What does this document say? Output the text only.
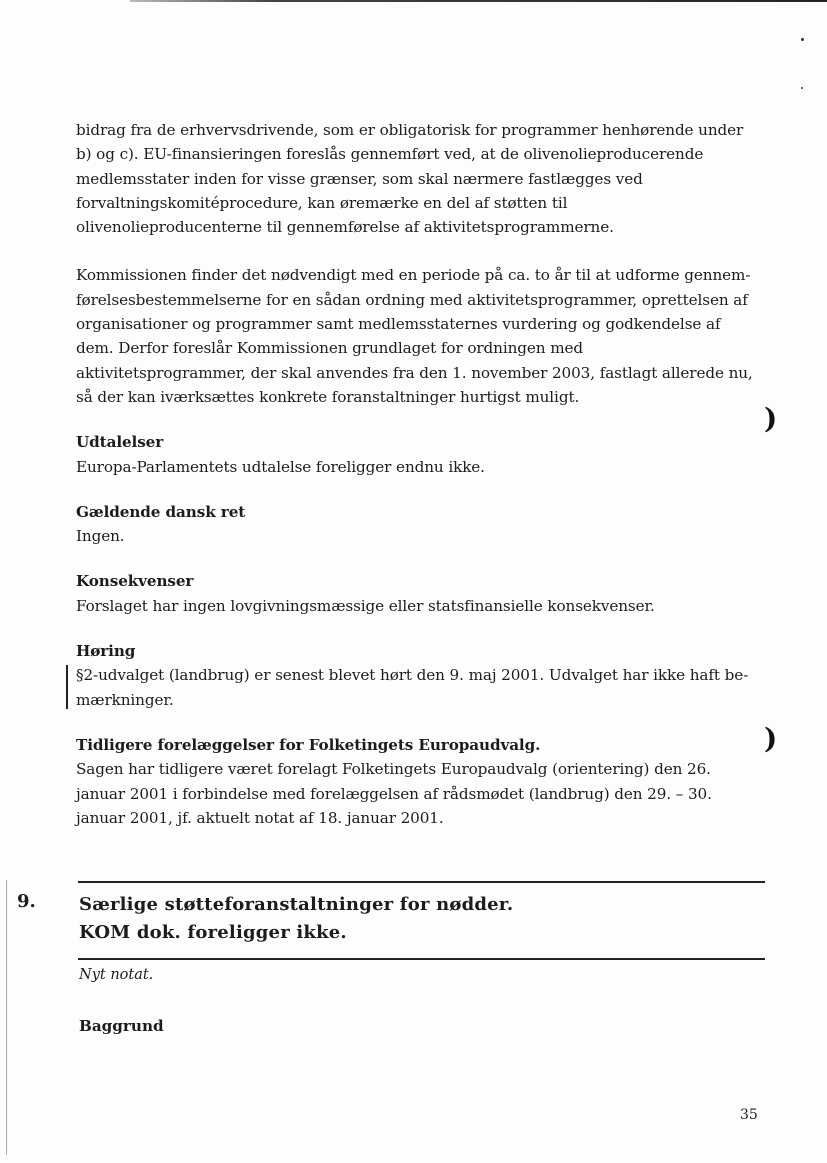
)
)

bidrag fra de erhvervsdrivende, som er obligatorisk for programmer henhørende under b) og c). EU-finansieringen foreslås gennemført ved, at de olivenolieproducerende medlemsstater inden for visse grænser, som skal nærmere fastlægges ved forvaltningskomitéprocedure, kan øremærke en del af støtten til olivenolieproducenterne til gennemførelse af aktivitetsprogrammerne.

Kommissionen finder det nødvendigt med en periode på ca. to år til at udforme gennemførelsesbestemmelserne for en sådan ordning med aktivitetsprogrammer, oprettelsen af organisationer og programmer samt medlemsstaternes vurdering og godkendelse af dem. Derfor foreslår Kommissionen grundlaget for ordningen med aktivitetsprogrammer, der skal anvendes fra den 1. november 2003, fastlagt allerede nu, så der kan iværksættes konkrete foranstaltninger hurtigst muligt.

Udtalelser

Europa-Parlamentets udtalelse foreligger endnu ikke.

Gældende dansk ret

Ingen.

Konsekvenser

Forslaget har ingen lovgivningsmæssige eller statsfinansielle konsekvenser.

Høring

§2-udvalget (landbrug) er senest blevet hørt den 9. maj 2001. Udvalget har ikke haft bemærkninger.

Tidligere forelæggelser for Folketingets Europaudvalg.

Sagen har tidligere været forelagt Folketingets Europaudvalg (orientering) den 26. januar 2001 i forbindelse med forelæggelsen af rådsmødet (landbrug) den 29. – 30. januar 2001, jf. aktuelt notat af 18. januar 2001.

9. Særlige støtteforanstaltninger for nødder.
KOM dok. foreligger ikke.
Nyt notat.
Baggrund
35
